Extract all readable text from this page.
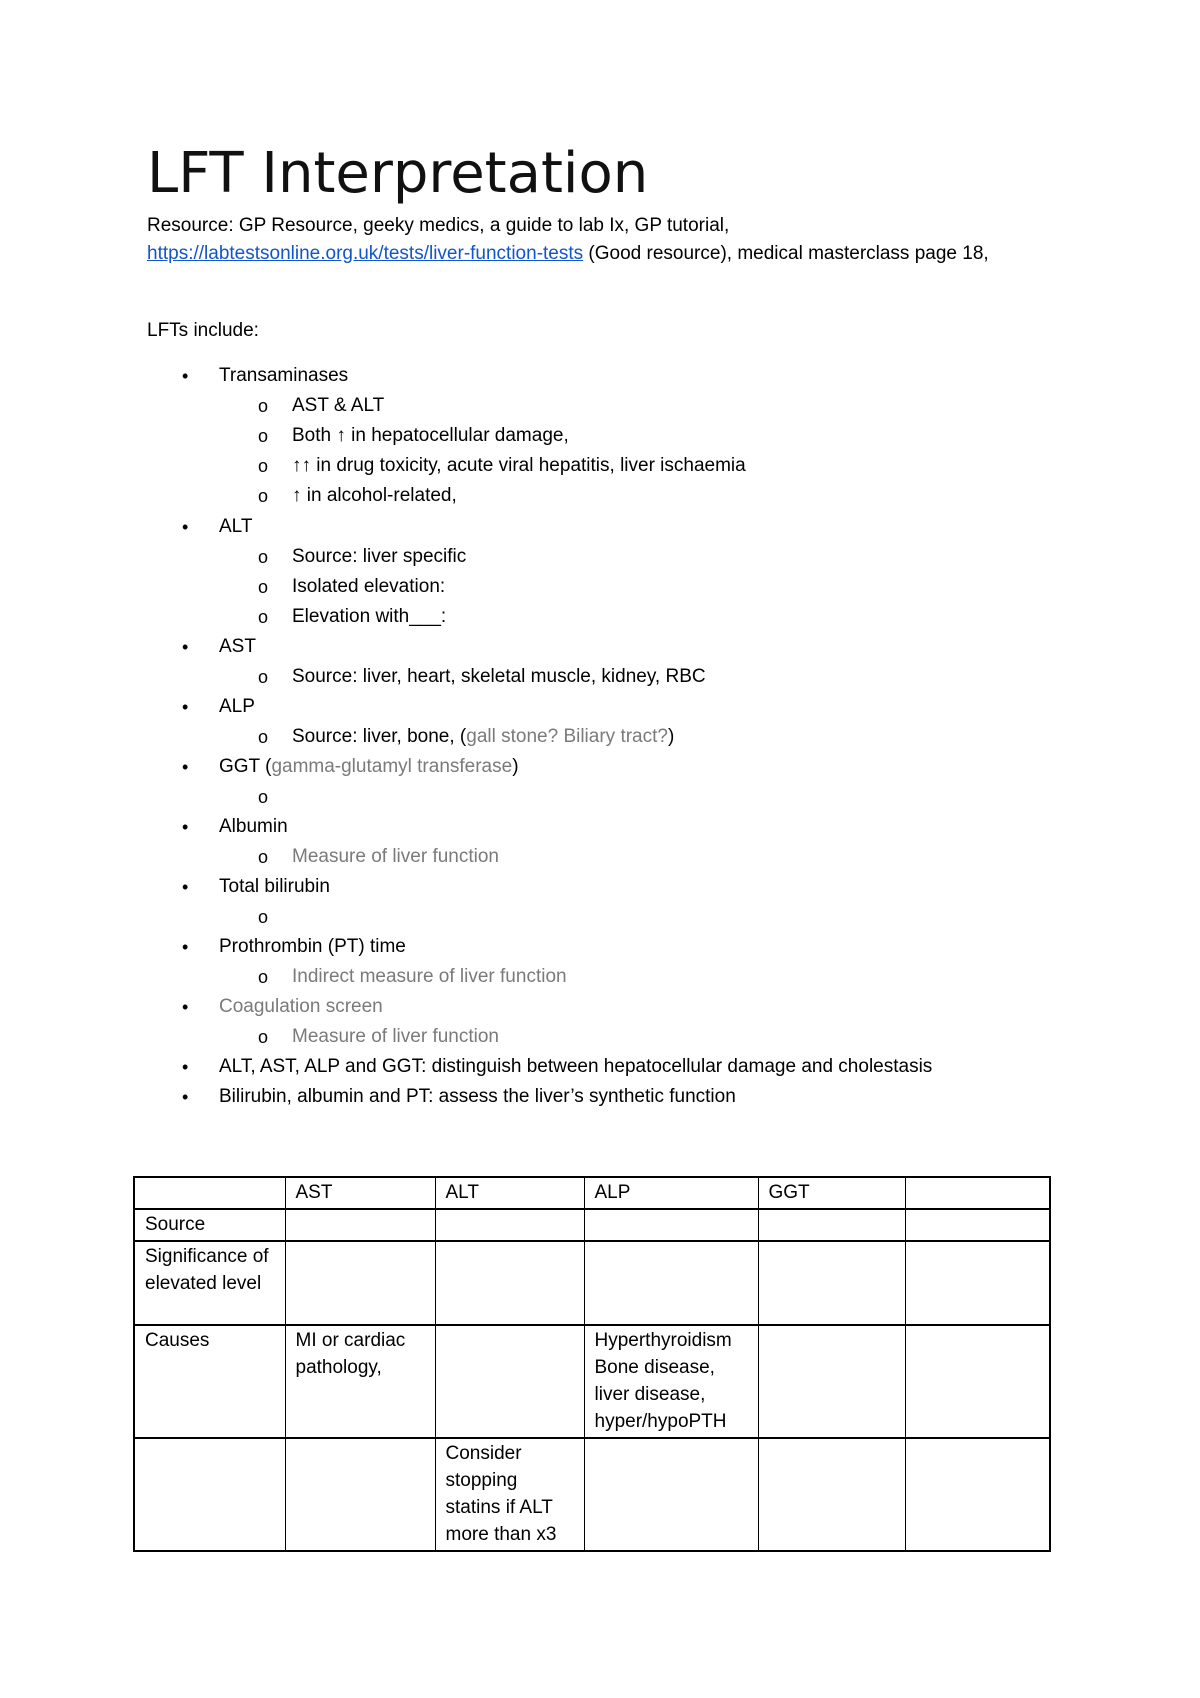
LFT Interpretation
Resource: GP Resource, geeky medics, a guide to lab Ix, GP tutorial, https://labtestsonline.org.uk/tests/liver-function-tests (Good resource), medical masterclass page 18,
LFTs include:
• Transaminases
o AST & ALT
o Both ↑ in hepatocellular damage,
o ↑↑ in drug toxicity, acute viral hepatitis, liver ischaemia
o ↑ in alcohol-related,
• ALT
o Source: liver specific
o Isolated elevation:
o Elevation with___:
• AST
o Source: liver, heart, skeletal muscle, kidney, RBC
• ALP
o Source: liver, bone, (gall stone? Biliary tract?)
• GGT (gamma-glutamyl transferase)
o
• Albumin
o Measure of liver function
• Total bilirubin
o
• Prothrombin (PT) time
o Indirect measure of liver function
• Coagulation screen
o Measure of liver function
• ALT, AST, ALP and GGT: distinguish between hepatocellular damage and cholestasis
• Bilirubin, albumin and PT: assess the liver’s synthetic function
	AST	ALT	ALP	GGT	
Source					
Significance of elevated level					
Causes	MI or cardiac pathology,		Hyperthyroidism Bone disease, liver disease, hyper/hypoPTH		
		Consider stopping statins if ALT more than x3			
